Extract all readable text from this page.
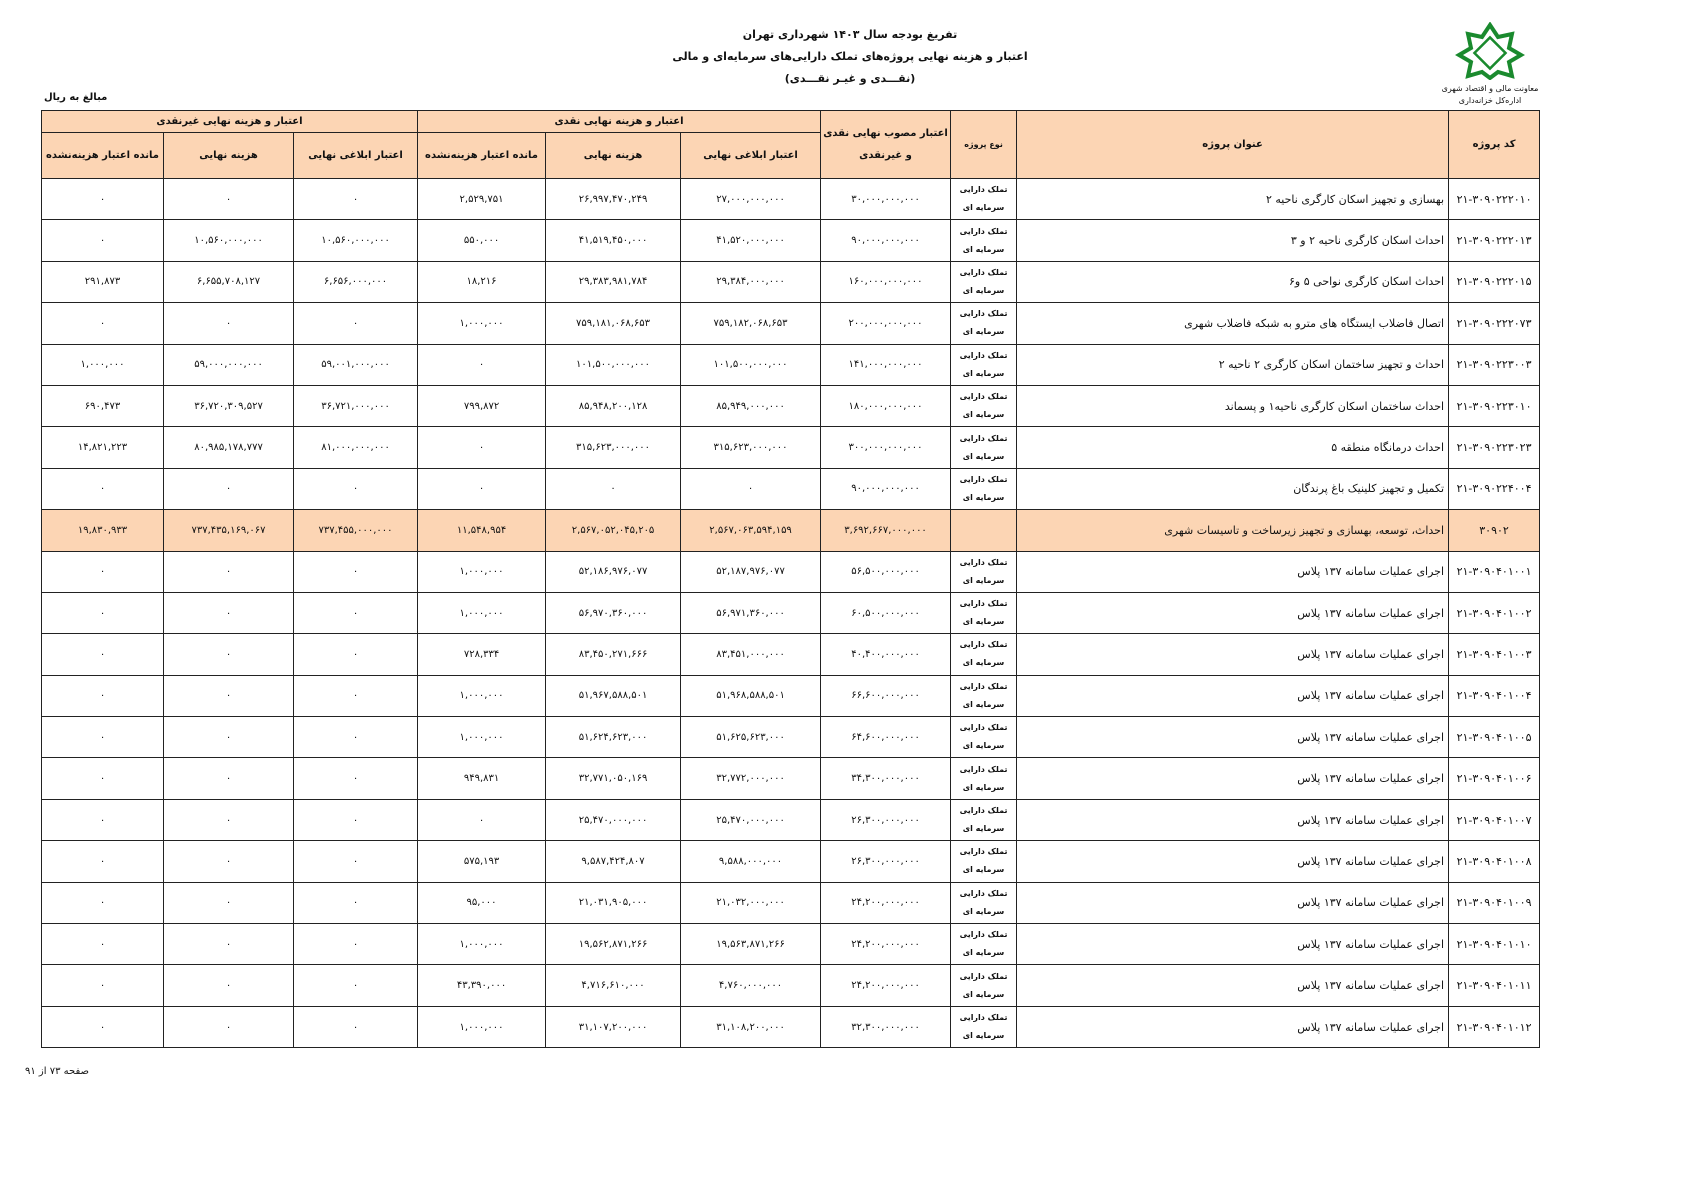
تفریغ بودجه سال ۱۴۰۳ شهرداری تهران
اعتبار و هزینه نهایی پروژه‌های تملک دارایی‌های سرمایه‌ای و مالی
(نقـــدی و غیـر نقـــدی)
معاونت مالی و اقتصاد شهری
اداره‌کل خزانه‌داری
مبالغ به ریال
کد پروژه	عنوان پروژه	نوع پروژه	اعتبار مصوب نهایی نقدی و غیرنقدی	اعتبار و هزینه نهایی نقدی			اعتبار و هزینه نهایی غیرنقدی		
				اعتبار ابلاغی نهایی	هزینه نهایی	مانده اعتبار هزینه‌نشده	اعتبار ابلاغی نهایی	هزینه نهایی	مانده اعتبار هزینه‌نشده
۲۱-۳۰۹۰۲۲۲۰۱۰	بهسازی و تجهیز اسکان کارگری ناحیه ۲	تملک دارایی
سرمایه ای	۳۰,۰۰۰,۰۰۰,۰۰۰	۲۷,۰۰۰,۰۰۰,۰۰۰	۲۶,۹۹۷,۴۷۰,۲۴۹	۲,۵۲۹,۷۵۱	۰	۰	۰
۲۱-۳۰۹۰۲۲۲۰۱۳	احداث اسکان کارگری ناحیه ۲ و ۳	تملک دارایی
سرمایه ای	۹۰,۰۰۰,۰۰۰,۰۰۰	۴۱,۵۲۰,۰۰۰,۰۰۰	۴۱,۵۱۹,۴۵۰,۰۰۰	۵۵۰,۰۰۰	۱۰,۵۶۰,۰۰۰,۰۰۰	۱۰,۵۶۰,۰۰۰,۰۰۰	۰
۲۱-۳۰۹۰۲۲۲۰۱۵	احداث اسکان کارگری نواحی ۵ و۶	تملک دارایی
سرمایه ای	۱۶۰,۰۰۰,۰۰۰,۰۰۰	۲۹,۳۸۴,۰۰۰,۰۰۰	۲۹,۳۸۳,۹۸۱,۷۸۴	۱۸,۲۱۶	۶,۶۵۶,۰۰۰,۰۰۰	۶,۶۵۵,۷۰۸,۱۲۷	۲۹۱,۸۷۳
۲۱-۳۰۹۰۲۲۲۰۷۳	اتصال فاضلاب ایستگاه های مترو به شبکه فاضلاب شهری	تملک دارایی
سرمایه ای	۲۰۰,۰۰۰,۰۰۰,۰۰۰	۷۵۹,۱۸۲,۰۶۸,۶۵۳	۷۵۹,۱۸۱,۰۶۸,۶۵۳	۱,۰۰۰,۰۰۰	۰	۰	۰
۲۱-۳۰۹۰۲۲۳۰۰۳	احداث و تجهیز ساختمان اسکان کارگری ۲ ناحیه ۲	تملک دارایی
سرمایه ای	۱۴۱,۰۰۰,۰۰۰,۰۰۰	۱۰۱,۵۰۰,۰۰۰,۰۰۰	۱۰۱,۵۰۰,۰۰۰,۰۰۰	۰	۵۹,۰۰۱,۰۰۰,۰۰۰	۵۹,۰۰۰,۰۰۰,۰۰۰	۱,۰۰۰,۰۰۰
۲۱-۳۰۹۰۲۲۳۰۱۰	احداث ساختمان اسکان کارگری ناحیه۱ و پسماند	تملک دارایی
سرمایه ای	۱۸۰,۰۰۰,۰۰۰,۰۰۰	۸۵,۹۴۹,۰۰۰,۰۰۰	۸۵,۹۴۸,۲۰۰,۱۲۸	۷۹۹,۸۷۲	۳۶,۷۲۱,۰۰۰,۰۰۰	۳۶,۷۲۰,۳۰۹,۵۲۷	۶۹۰,۴۷۳
۲۱-۳۰۹۰۲۲۳۰۲۳	احداث درمانگاه منطقه ۵	تملک دارایی
سرمایه ای	۳۰۰,۰۰۰,۰۰۰,۰۰۰	۳۱۵,۶۲۳,۰۰۰,۰۰۰	۳۱۵,۶۲۳,۰۰۰,۰۰۰	۰	۸۱,۰۰۰,۰۰۰,۰۰۰	۸۰,۹۸۵,۱۷۸,۷۷۷	۱۴,۸۲۱,۲۲۳
۲۱-۳۰۹۰۲۲۴۰۰۴	تکمیل و تجهیز کلینیک باغ پرندگان	تملک دارایی
سرمایه ای	۹۰,۰۰۰,۰۰۰,۰۰۰	۰	۰	۰	۰	۰	۰
۳۰۹۰۲	احداث، توسعه، بهسازی و تجهیز زیرساخت و تاسیسات شهری		۳,۶۹۲,۶۶۷,۰۰۰,۰۰۰	۲,۵۶۷,۰۶۳,۵۹۴,۱۵۹	۲,۵۶۷,۰۵۲,۰۴۵,۲۰۵	۱۱,۵۴۸,۹۵۴	۷۳۷,۴۵۵,۰۰۰,۰۰۰	۷۳۷,۴۳۵,۱۶۹,۰۶۷	۱۹,۸۳۰,۹۳۳
۲۱-۳۰۹۰۴۰۱۰۰۱	اجرای عملیات سامانه ۱۳۷ پلاس	تملک دارایی
سرمایه ای	۵۶,۵۰۰,۰۰۰,۰۰۰	۵۲,۱۸۷,۹۷۶,۰۷۷	۵۲,۱۸۶,۹۷۶,۰۷۷	۱,۰۰۰,۰۰۰	۰	۰	۰
۲۱-۳۰۹۰۴۰۱۰۰۲	اجرای عملیات سامانه ۱۳۷ پلاس	تملک دارایی
سرمایه ای	۶۰,۵۰۰,۰۰۰,۰۰۰	۵۶,۹۷۱,۳۶۰,۰۰۰	۵۶,۹۷۰,۳۶۰,۰۰۰	۱,۰۰۰,۰۰۰	۰	۰	۰
۲۱-۳۰۹۰۴۰۱۰۰۳	اجرای عملیات سامانه ۱۳۷ پلاس	تملک دارایی
سرمایه ای	۴۰,۴۰۰,۰۰۰,۰۰۰	۸۳,۴۵۱,۰۰۰,۰۰۰	۸۳,۴۵۰,۲۷۱,۶۶۶	۷۲۸,۳۳۴	۰	۰	۰
۲۱-۳۰۹۰۴۰۱۰۰۴	اجرای عملیات سامانه ۱۳۷ پلاس	تملک دارایی
سرمایه ای	۶۶,۶۰۰,۰۰۰,۰۰۰	۵۱,۹۶۸,۵۸۸,۵۰۱	۵۱,۹۶۷,۵۸۸,۵۰۱	۱,۰۰۰,۰۰۰	۰	۰	۰
۲۱-۳۰۹۰۴۰۱۰۰۵	اجرای عملیات سامانه ۱۳۷ پلاس	تملک دارایی
سرمایه ای	۶۴,۶۰۰,۰۰۰,۰۰۰	۵۱,۶۲۵,۶۲۳,۰۰۰	۵۱,۶۲۴,۶۲۳,۰۰۰	۱,۰۰۰,۰۰۰	۰	۰	۰
۲۱-۳۰۹۰۴۰۱۰۰۶	اجرای عملیات سامانه ۱۳۷ پلاس	تملک دارایی
سرمایه ای	۳۴,۳۰۰,۰۰۰,۰۰۰	۳۲,۷۷۲,۰۰۰,۰۰۰	۳۲,۷۷۱,۰۵۰,۱۶۹	۹۴۹,۸۳۱	۰	۰	۰
۲۱-۳۰۹۰۴۰۱۰۰۷	اجرای عملیات سامانه ۱۳۷ پلاس	تملک دارایی
سرمایه ای	۲۶,۳۰۰,۰۰۰,۰۰۰	۲۵,۴۷۰,۰۰۰,۰۰۰	۲۵,۴۷۰,۰۰۰,۰۰۰	۰	۰	۰	۰
۲۱-۳۰۹۰۴۰۱۰۰۸	اجرای عملیات سامانه ۱۳۷ پلاس	تملک دارایی
سرمایه ای	۲۶,۳۰۰,۰۰۰,۰۰۰	۹,۵۸۸,۰۰۰,۰۰۰	۹,۵۸۷,۴۲۴,۸۰۷	۵۷۵,۱۹۳	۰	۰	۰
۲۱-۳۰۹۰۴۰۱۰۰۹	اجرای عملیات سامانه ۱۳۷ پلاس	تملک دارایی
سرمایه ای	۲۴,۲۰۰,۰۰۰,۰۰۰	۲۱,۰۳۲,۰۰۰,۰۰۰	۲۱,۰۳۱,۹۰۵,۰۰۰	۹۵,۰۰۰	۰	۰	۰
۲۱-۳۰۹۰۴۰۱۰۱۰	اجرای عملیات سامانه ۱۳۷ پلاس	تملک دارایی
سرمایه ای	۲۴,۲۰۰,۰۰۰,۰۰۰	۱۹,۵۶۳,۸۷۱,۲۶۶	۱۹,۵۶۲,۸۷۱,۲۶۶	۱,۰۰۰,۰۰۰	۰	۰	۰
۲۱-۳۰۹۰۴۰۱۰۱۱	اجرای عملیات سامانه ۱۳۷ پلاس	تملک دارایی
سرمایه ای	۲۴,۲۰۰,۰۰۰,۰۰۰	۴,۷۶۰,۰۰۰,۰۰۰	۴,۷۱۶,۶۱۰,۰۰۰	۴۳,۳۹۰,۰۰۰	۰	۰	۰
۲۱-۳۰۹۰۴۰۱۰۱۲	اجرای عملیات سامانه ۱۳۷ پلاس	تملک دارایی
سرمایه ای	۳۲,۳۰۰,۰۰۰,۰۰۰	۳۱,۱۰۸,۲۰۰,۰۰۰	۳۱,۱۰۷,۲۰۰,۰۰۰	۱,۰۰۰,۰۰۰	۰	۰	۰
صفحه ۷۳ از ۹۱
